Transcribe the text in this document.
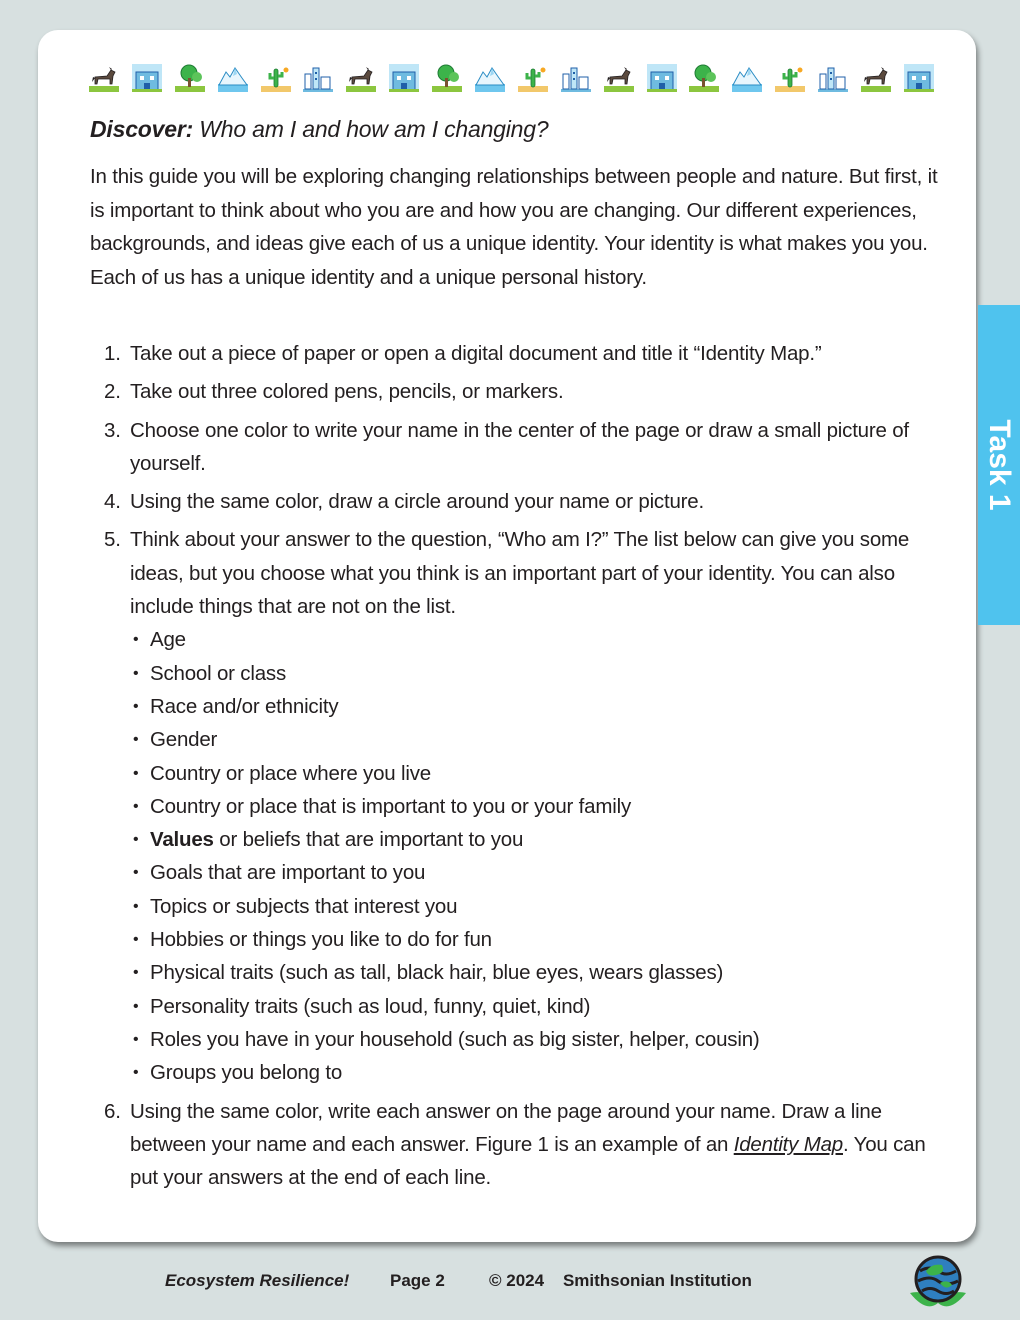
Discover: Who am I and how am I changing?

In this guide you will be exploring changing relationships between people and nature. But first, it is important to think about who you are and how you are changing. Our different experiences, backgrounds, and ideas give each of us a unique identity. Your identity is what makes you you. Each of us has a unique identity and a unique personal history.

1. Take out a piece of paper or open a digital document and title it “Identity Map.”
2. Take out three colored pens, pencils, or markers.
3. Choose one color to write your name in the center of the page or draw a small picture of yourself.
4. Using the same color, draw a circle around your name or picture.
5. Think about your answer to the question, “Who am I?” The list below can give you some ideas, but you choose what you think is an important part of your identity. You can also include things that are not on the list.
• Age
• School or class
• Race and/or ethnicity
• Gender
• Country or place where you live
• Country or place that is important to you or your family
• Values or beliefs that are important to you
• Goals that are important to you
• Topics or subjects that interest you
• Hobbies or things you like to do for fun
• Physical traits (such as tall, black hair, blue eyes, wears glasses)
• Personality traits (such as loud, funny, quiet, kind)
• Roles you have in your household (such as big sister, helper, cousin)
• Groups you belong to
6. Using the same color, write each answer on the page around your name. Draw a line between your name and each answer. Figure 1 is an example of an Identity Map. You can put your answers at the end of each line.
Task 1
Ecosystem Resilience! Page 2	© 2024    Smithsonian Institution
